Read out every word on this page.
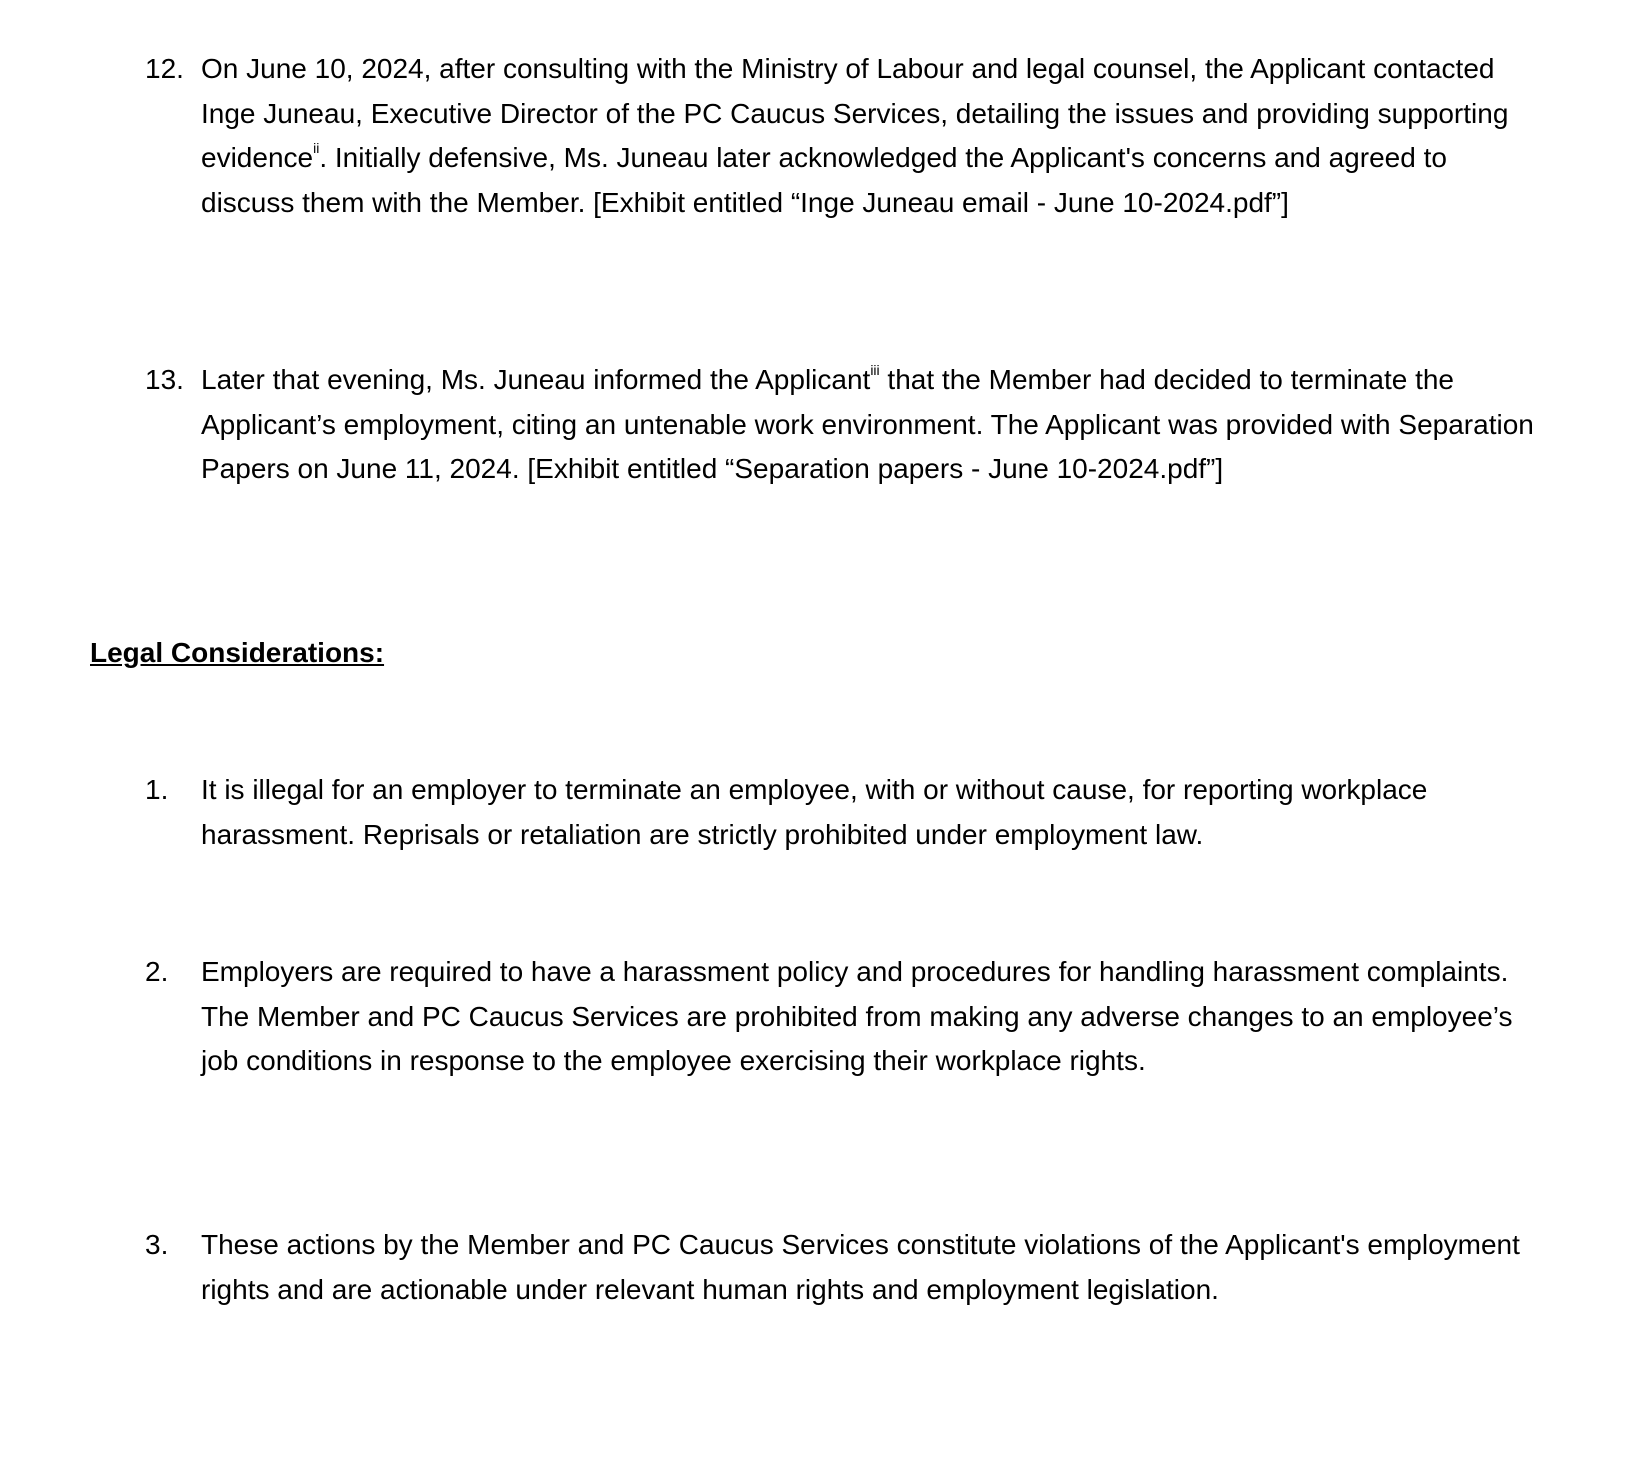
12. On June 10, 2024, after consulting with the Ministry of Labour and legal counsel, the Applicant contacted Inge Juneau, Executive Director of the PC Caucus Services, detailing the issues and providing supporting evidence$^{ii}$. Initially defensive, Ms. Juneau later acknowledged the Applicant's concerns and agreed to discuss them with the Member. [Exhibit entitled “Inge Juneau email - June 10-2024.pdf”]
13. Later that evening, Ms. Juneau informed the Applicant$^{iii}$ that the Member had decided to terminate the Applicant’s employment, citing an untenable work environment. The Applicant was provided with Separation Papers on June 11, 2024. [Exhibit entitled “Separation papers - June 10-2024.pdf”]
Legal Considerations:
1. It is illegal for an employer to terminate an employee, with or without cause, for reporting workplace harassment. Reprisals or retaliation are strictly prohibited under employment law.
2. Employers are required to have a harassment policy and procedures for handling harassment complaints. The Member and PC Caucus Services are prohibited from making any adverse changes to an employee’s job conditions in response to the employee exercising their workplace rights.
3. These actions by the Member and PC Caucus Services constitute violations of the Applicant's employment rights and are actionable under relevant human rights and employment legislation.
